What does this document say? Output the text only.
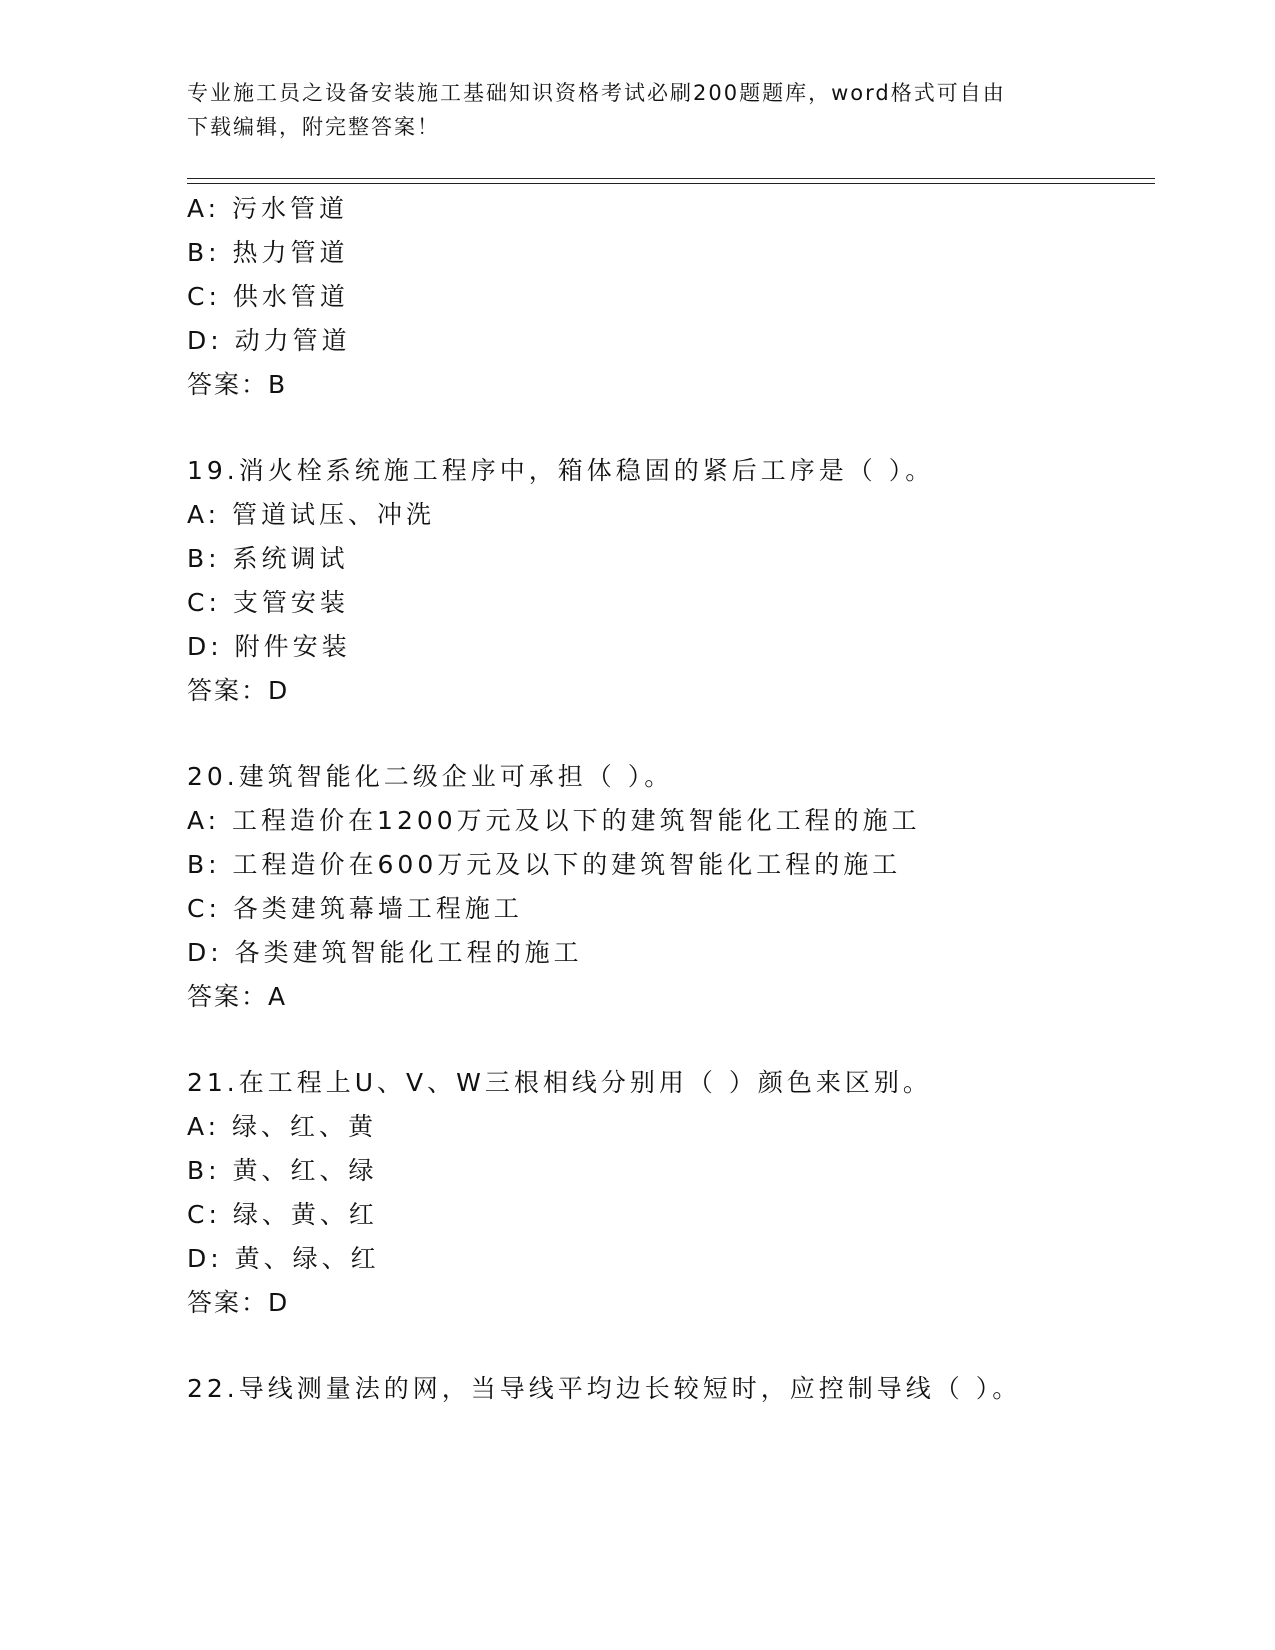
专业施工员之设备安装施工基础知识资格考试必刷200题题库，word格式可自由
下载编辑，附完整答案！
A: 污水管道
B: 热力管道
C: 供水管道
D: 动力管道
答案：B
19.消火栓系统施工程序中，箱体稳固的紧后工序是（ ）。
A: 管道试压、冲洗
B: 系统调试
C: 支管安装
D: 附件安装
答案：D
20.建筑智能化二级企业可承担（ ）。
A: 工程造价在1200万元及以下的建筑智能化工程的施工
B: 工程造价在600万元及以下的建筑智能化工程的施工
C: 各类建筑幕墙工程施工
D: 各类建筑智能化工程的施工
答案：A
21.在工程上U、V、W三根相线分别用（ ）颜色来区别。
A: 绿、红、黄
B: 黄、红、绿
C: 绿、黄、红
D: 黄、绿、红
答案：D
22.导线测量法的网，当导线平均边长较短时，应控制导线（ ）。
